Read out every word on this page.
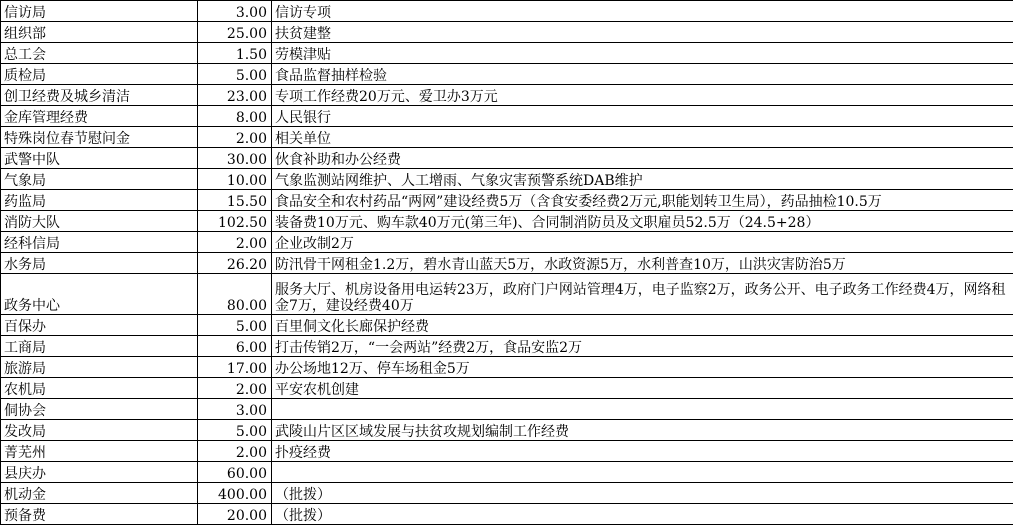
信访局	3.00	信访专项
组织部	25.00	扶贫建整
总工会	1.50	劳模津贴
质检局	5.00	食品监督抽样检验
创卫经费及城乡清洁	23.00	专项工作经费20万元、爱卫办3万元
金库管理经费	8.00	人民银行
特殊岗位春节慰问金	2.00	相关单位
武警中队	30.00	伙食补助和办公经费
气象局	10.00	气象监测站网维护、人工增雨、气象灾害预警系统DAB维护
药监局	15.50	食品安全和农村药品“两网”建设经费5万（含食安委经费2万元,职能划转卫生局），药品抽检10.5万
消防大队	102.50	装备费10万元、购车款40万元(第三年)、合同制消防员及文职雇员52.5万（24.5+28）
经科信局	2.00	企业改制2万
水务局	26.20	防汛骨干网租金1.2万，碧水青山蓝天5万，水政资源5万，水利普查10万，山洪灾害防治5万
政务中心	80.00	服务大厅、机房设备用电运转23万，政府门户网站管理4万，电子监察2万，政务公开、电子政务工作经费4万，网络租金7万，建设经费40万
百保办	5.00	百里侗文化长廊保护经费
工商局	6.00	打击传销2万，“一会两站”经费2万，食品安监2万
旅游局	17.00	办公场地12万、停车场租金5万
农机局	2.00	平安农机创建
侗协会	3.00	
发改局	5.00	武陵山片区区域发展与扶贫攻规划编制工作经费
菁芜州	2.00	扑疫经费
县庆办	60.00	
机动金	400.00	（批拨）
预备费	20.00	（批拨）
